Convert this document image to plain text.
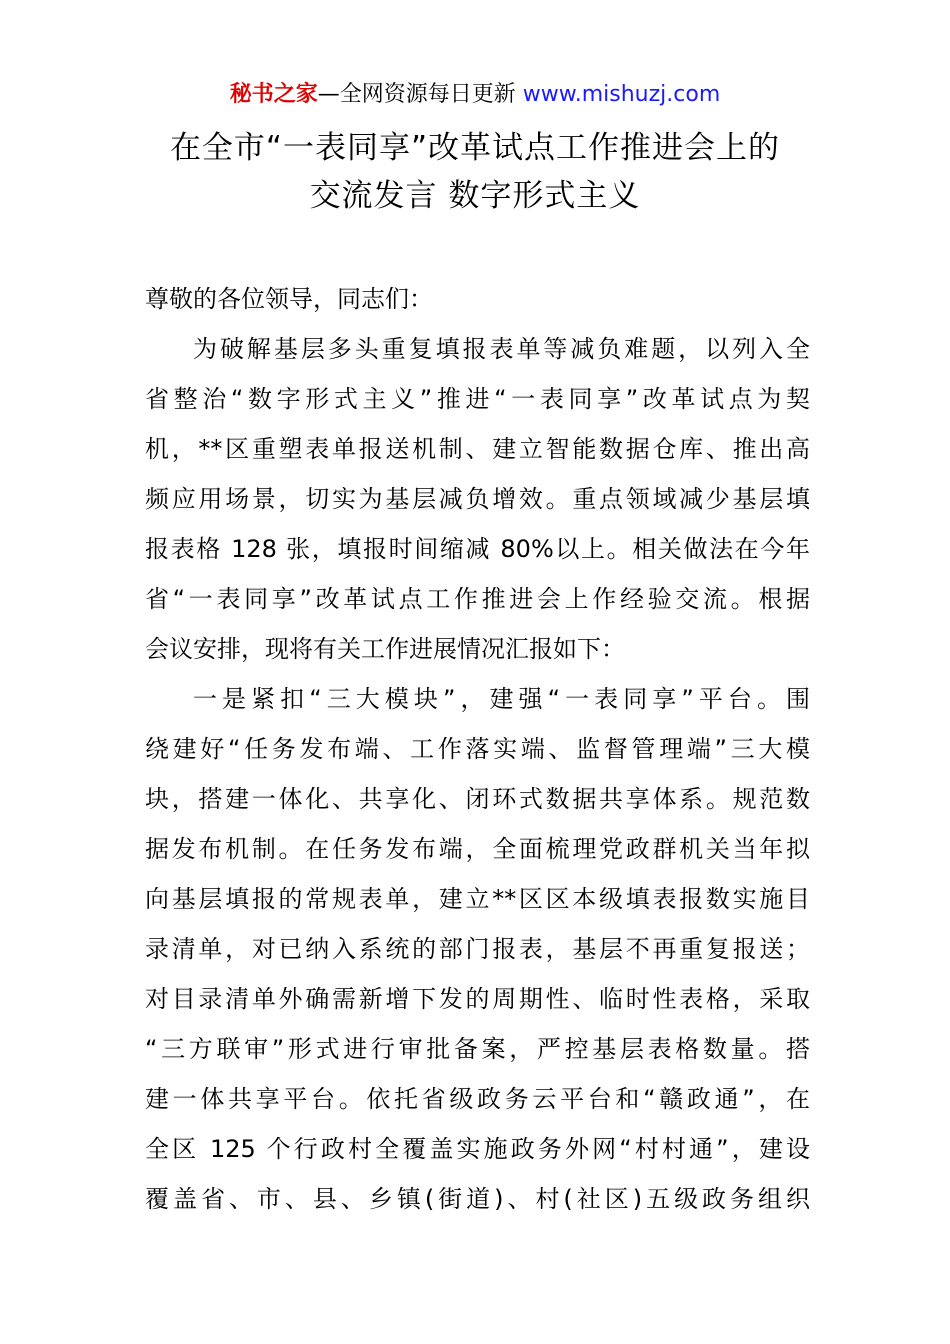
秘书之家—全网资源每日更新 www.mishuzj.com
在全市“一表同享”改革试点工作推进会上的
交流发言 数字形式主义
尊敬的各位领导，同志们：
为破解基层多头重复填报表单等减负难题，以列入全
省整治“数字形式主义”推进“一表同享”改革试点为契
机，**区重塑表单报送机制、建立智能数据仓库、推出高
频应用场景，切实为基层减负增效。重点领域减少基层填
报表格 128 张，填报时间缩减 80%以上。相关做法在今年
省“一表同享”改革试点工作推进会上作经验交流。根据
会议安排，现将有关工作进展情况汇报如下：
一是紧扣“三大模块”，建强“一表同享”平台。围
绕建好“任务发布端、工作落实端、监督管理端”三大模
块，搭建一体化、共享化、闭环式数据共享体系。规范数
据发布机制。在任务发布端，全面梳理党政群机关当年拟
向基层填报的常规表单，建立**区区本级填表报数实施目
录清单，对已纳入系统的部门报表，基层不再重复报送；
对目录清单外确需新增下发的周期性、临时性表格，采取
“三方联审”形式进行审批备案，严控基层表格数量。搭
建一体共享平台。依托省级政务云平台和“赣政通”，在
全区 125 个行政村全覆盖实施政务外网“村村通”，建设
覆盖省、市、县、乡镇(街道)、村(社区)五级政务组织
